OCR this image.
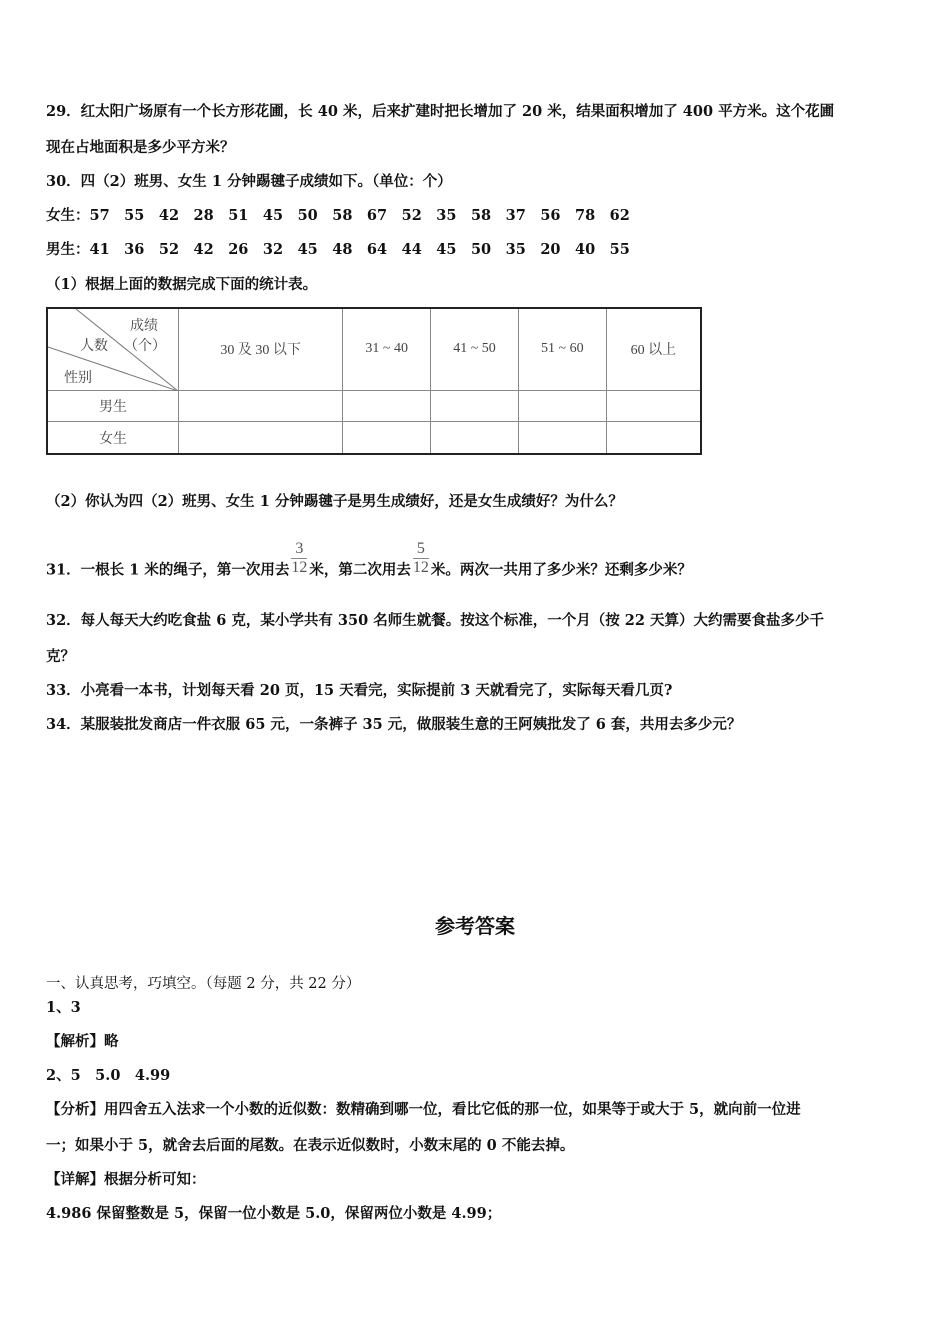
29．红太阳广场原有一个长方形花圃，长 40 米，后来扩建时把长增加了 20 米，结果面积增加了 400 平方米。这个花圃
现在占地面积是多少平方米？
30．四（2）班男、女生 1 分钟踢毽子成绩如下。（单位：个）
女生：57　55　42　28　51　45　50　58　67　52　35　58　37　56　78　62
男生：41　36　52　42　26　32　45　48　64　44　45　50　35　20　40　55
（1）根据上面的数据完成下面的统计表。
成绩
（个）
人数
性别	30 及 30 以下	31 ~ 40	41 ~ 50	51 ~ 60	60 以上
男生					
女生					
（2）你认为四（2）班男、女生 1 分钟踢毽子是男生成绩好，还是女生成绩好？为什么？
31．一根长 1 米的绳子，第一次用去 $\frac{3}{12}$ 米，第二次用去 $\frac{5}{12}$ 米。两次一共用了多少米？还剩多少米？
32．每人每天大约吃食盐 6 克，某小学共有 350 名师生就餐。按这个标准，一个月（按 22 天算）大约需要食盐多少千
克？
33．小亮看一本书，计划每天看 20 页，15 天看完，实际提前 3 天就看完了，实际每天看几页?
34．某服装批发商店一件衣服 65 元，一条裤子 35 元，做服装生意的王阿姨批发了 6 套，共用去多少元？
参考答案
一、认真思考，巧填空。（每题 2 分，共 22 分）
1、3
【解析】略
2、5　5.0　4.99
【分析】用四舍五入法求一个小数的近似数：数精确到哪一位，看比它低的那一位，如果等于或大于 5，就向前一位进
一；如果小于 5，就舍去后面的尾数。在表示近似数时，小数末尾的 0 不能去掉。
【详解】根据分析可知：
4.986 保留整数是 5，保留一位小数是 5.0，保留两位小数是 4.99；
